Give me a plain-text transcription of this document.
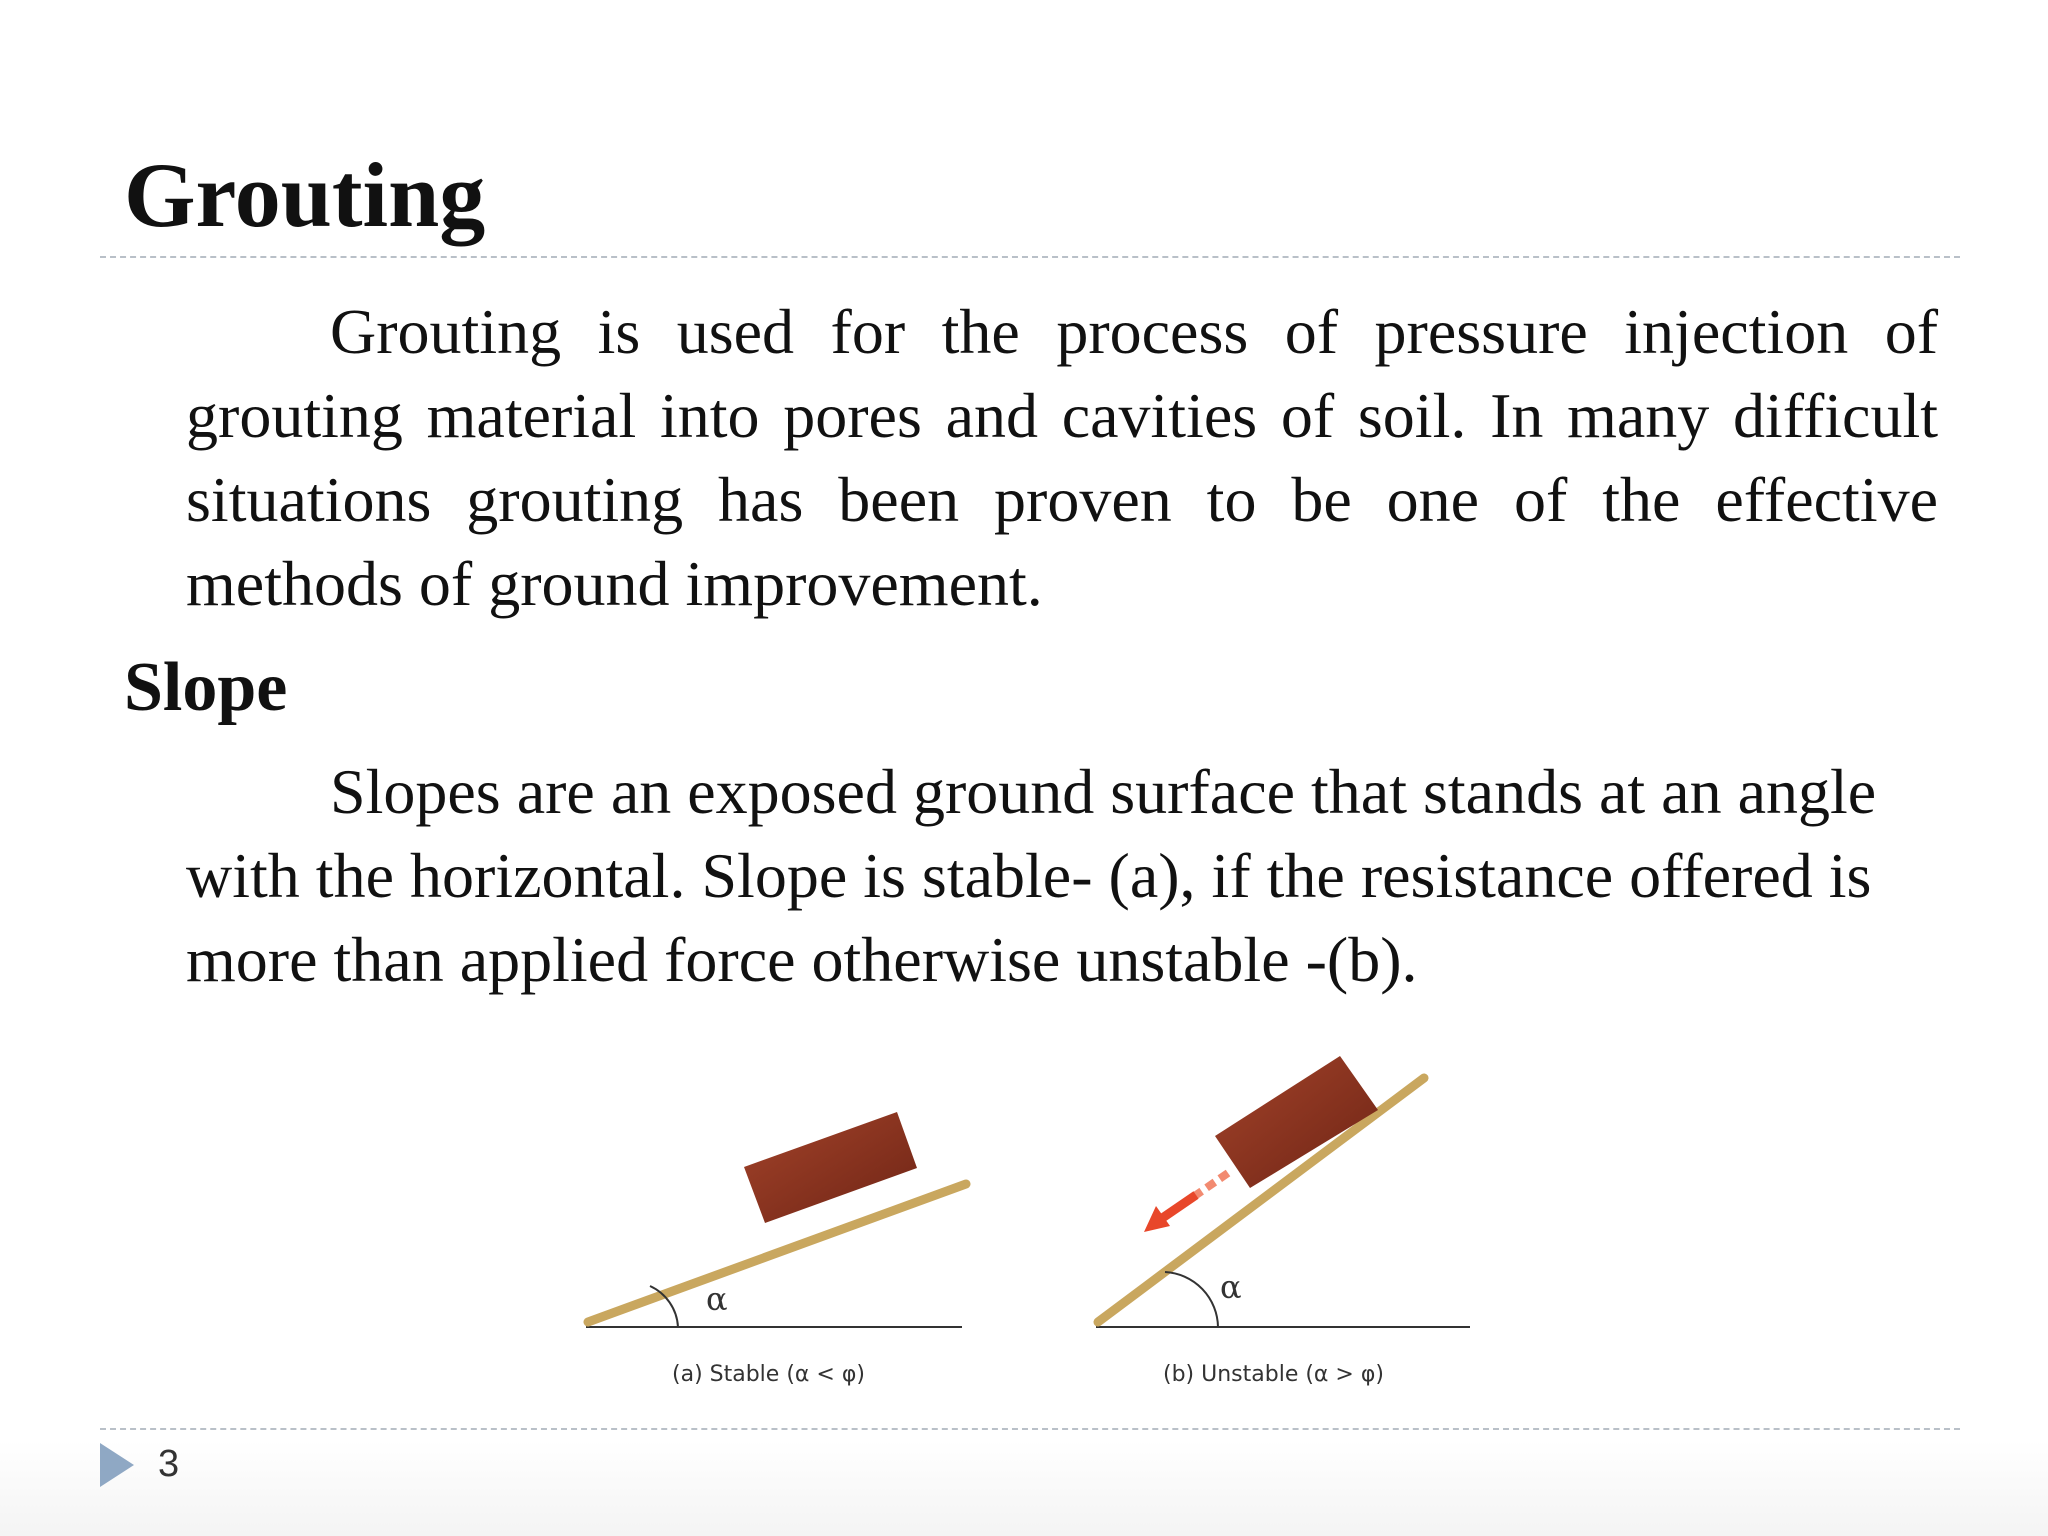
Grouting

Grouting is used for the process of pressure injection of grouting material into pores and cavities of soil. In many difficult situations grouting has been proven to be one of the effective methods of ground improvement.

Slope

Slopes are an exposed ground surface that stands at an angle with the horizontal. Slope is stable- (a), if the resistance offered is more than applied force otherwise unstable -(b).

α	α
(a) Stable (α < φ)	(b) Unstable (α > φ)
3
